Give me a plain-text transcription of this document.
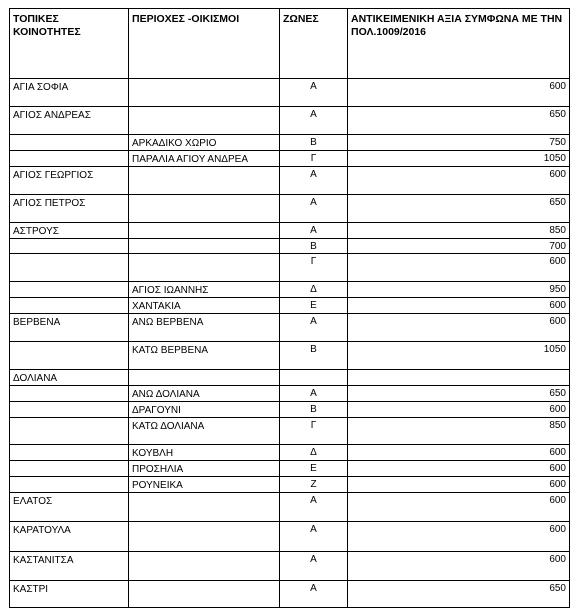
ΤΟΠΙΚΕΣ ΚΟΙΝΟΤΗΤΕΣ	ΠΕΡΙΟΧΕΣ -ΟΙΚΙΣΜΟΙ	ΖΩΝΕΣ	ΑΝΤΙΚΕΙΜΕΝΙΚΗ ΑΞΙΑ ΣΥΜΦΩΝΑ ΜΕ ΤΗΝ ΠΟΛ.1009/2016
ΑΓΙΑ ΣΟΦΙΑ		Α	600
ΑΓΙΟΣ ΑΝΔΡΕΑΣ		Α	650
	ΑΡΚΑΔΙΚΟ ΧΩΡΙΟ	Β	750
	ΠΑΡΑΛΙΑ ΑΓΙΟΥ ΑΝΔΡΕΑ	Γ	1050
ΑΓΙΟΣ ΓΕΩΡΓΙΟΣ		Α	600
ΑΓΙΟΣ ΠΕΤΡΟΣ		Α	650
ΑΣΤΡΟΥΣ		Α	850
		Β	700
		Γ	600
	ΑΓΙΟΣ ΙΩΑΝΝΗΣ	Δ	950
	ΧΑΝΤΑΚΙΑ	Ε	600
ΒΕΡΒΕΝΑ	ΑΝΩ ΒΕΡΒΕΝΑ	Α	600
	ΚΑΤΩ ΒΕΡΒΕΝΑ	Β	1050
ΔΟΛΙΑΝΑ			
	ΑΝΩ ΔΟΛΙΑΝΑ	Α	650
	ΔΡΑΓΟΥΝΙ	Β	600
	ΚΑΤΩ ΔΟΛΙΑΝΑ	Γ	850
	ΚΟΥΒΛΗ	Δ	600
	ΠΡΟΣΗΛΙΑ	Ε	600
	ΡΟΥΝΕΙΚΑ	Ζ	600
ΕΛΑΤΟΣ		Α	600
ΚΑΡΑΤΟΥΛΑ		Α	600
ΚΑΣΤΑΝΙΤΣΑ		Α	600
ΚΑΣΤΡΙ		Α	650
